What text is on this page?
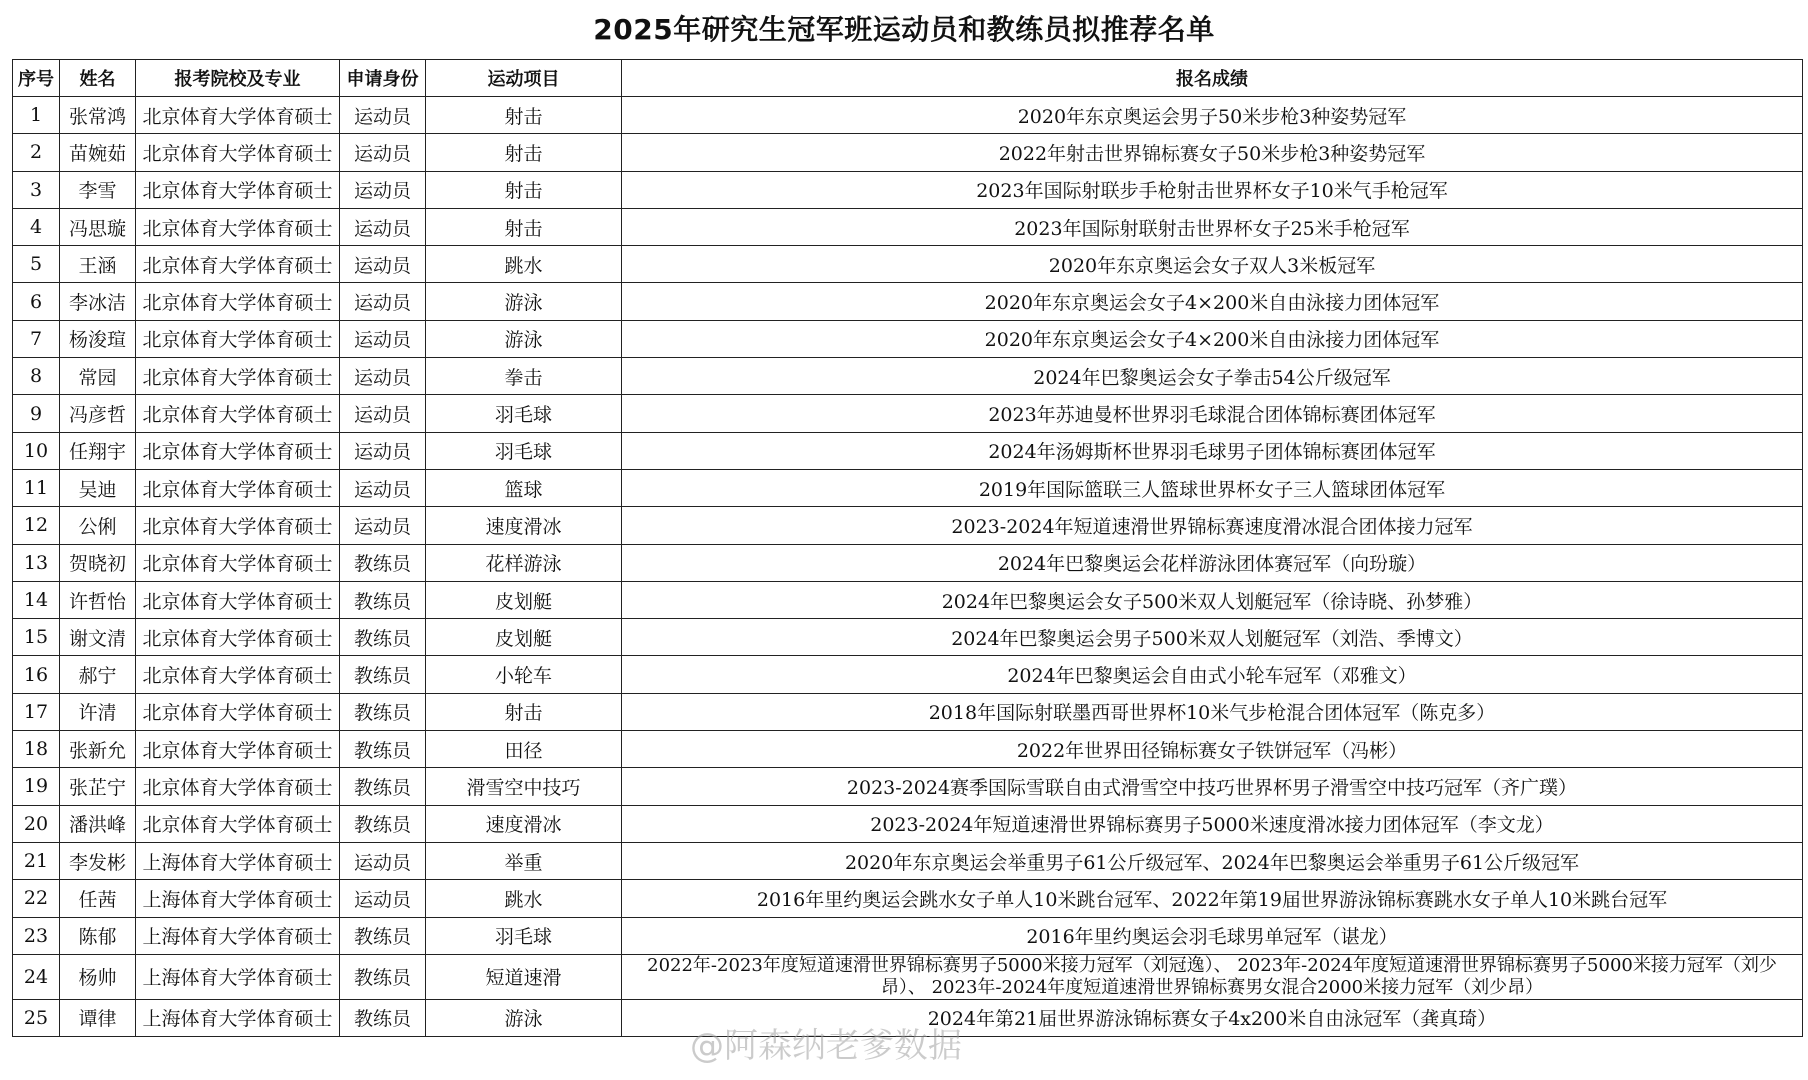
2025年研究生冠军班运动员和教练员拟推荐名单
序号	姓名	报考院校及专业	申请身份	运动项目	报名成绩
1	张常鸿	北京体育大学体育硕士	运动员	射击	2020年东京奥运会男子50米步枪3种姿势冠军
2	苗婉茹	北京体育大学体育硕士	运动员	射击	2022年射击世界锦标赛女子50米步枪3种姿势冠军
3	李雪	北京体育大学体育硕士	运动员	射击	2023年国际射联步手枪射击世界杯女子10米气手枪冠军
4	冯思璇	北京体育大学体育硕士	运动员	射击	2023年国际射联射击世界杯女子25米手枪冠军
5	王涵	北京体育大学体育硕士	运动员	跳水	2020年东京奥运会女子双人3米板冠军
6	李冰洁	北京体育大学体育硕士	运动员	游泳	2020年东京奥运会女子4×200米自由泳接力团体冠军
7	杨浚瑄	北京体育大学体育硕士	运动员	游泳	2020年东京奥运会女子4×200米自由泳接力团体冠军
8	常园	北京体育大学体育硕士	运动员	拳击	2024年巴黎奥运会女子拳击54公斤级冠军
9	冯彦哲	北京体育大学体育硕士	运动员	羽毛球	2023年苏迪曼杯世界羽毛球混合团体锦标赛团体冠军
10	任翔宇	北京体育大学体育硕士	运动员	羽毛球	2024年汤姆斯杯世界羽毛球男子团体锦标赛团体冠军
11	吴迪	北京体育大学体育硕士	运动员	篮球	2019年国际篮联三人篮球世界杯女子三人篮球团体冠军
12	公俐	北京体育大学体育硕士	运动员	速度滑冰	2023-2024年短道速滑世界锦标赛速度滑冰混合团体接力冠军
13	贺晓初	北京体育大学体育硕士	教练员	花样游泳	2024年巴黎奥运会花样游泳团体赛冠军（向玢璇）
14	许哲怡	北京体育大学体育硕士	教练员	皮划艇	2024年巴黎奥运会女子500米双人划艇冠军（徐诗晓、孙梦雅）
15	谢文清	北京体育大学体育硕士	教练员	皮划艇	2024年巴黎奥运会男子500米双人划艇冠军（刘浩、季博文）
16	郝宁	北京体育大学体育硕士	教练员	小轮车	2024年巴黎奥运会自由式小轮车冠军（邓雅文）
17	许清	北京体育大学体育硕士	教练员	射击	2018年国际射联墨西哥世界杯10米气步枪混合团体冠军（陈克多）
18	张新允	北京体育大学体育硕士	教练员	田径	2022年世界田径锦标赛女子铁饼冠军（冯彬）
19	张芷宁	北京体育大学体育硕士	教练员	滑雪空中技巧	2023-2024赛季国际雪联自由式滑雪空中技巧世界杯男子滑雪空中技巧冠军（齐广璞）
20	潘洪峰	北京体育大学体育硕士	教练员	速度滑冰	2023-2024年短道速滑世界锦标赛男子5000米速度滑冰接力团体冠军（李文龙）
21	李发彬	上海体育大学体育硕士	运动员	举重	2020年东京奥运会举重男子61公斤级冠军、2024年巴黎奥运会举重男子61公斤级冠军
22	任茜	上海体育大学体育硕士	运动员	跳水	2016年里约奥运会跳水女子单人10米跳台冠军、2022年第19届世界游泳锦标赛跳水女子单人10米跳台冠军
23	陈郁	上海体育大学体育硕士	教练员	羽毛球	2016年里约奥运会羽毛球男单冠军（谌龙）
24	杨帅	上海体育大学体育硕士	教练员	短道速滑	2022年-2023年度短道速滑世界锦标赛男子5000米接力冠军（刘冠逸）、 2023年-2024年度短道速滑世界锦标赛男子5000米接力冠军（刘少昂）、 2023年-2024年度短道速滑世界锦标赛男女混合2000米接力冠军（刘少昂）
25	谭律	上海体育大学体育硕士	教练员	游泳	2024年第21届世界游泳锦标赛女子4x200米自由泳冠军（龚真琦）
@阿森纳老爹数据
